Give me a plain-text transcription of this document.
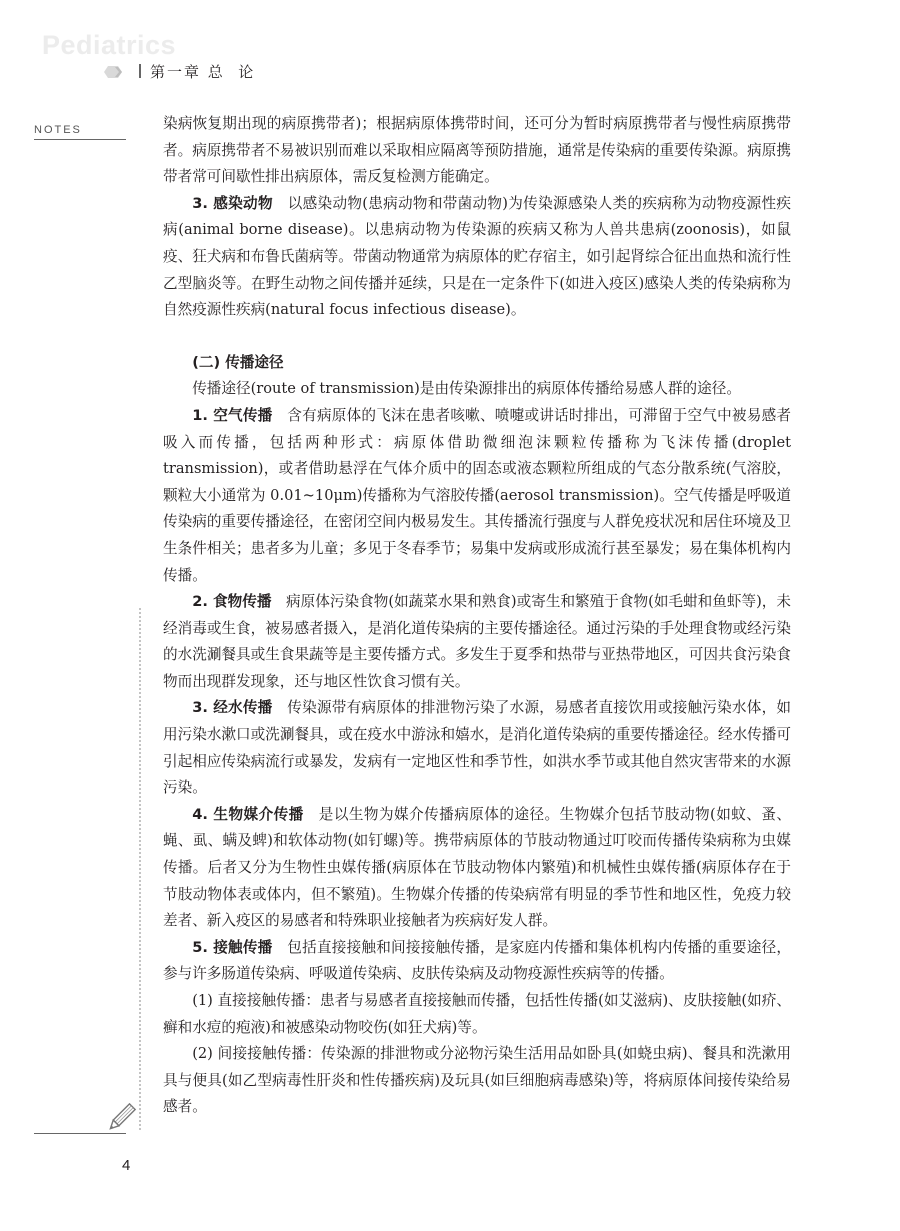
Pediatrics
第一章 总  论
NOTES
4

染病恢复期出现的病原携带者)；根据病原体携带时间，还可分为暂时病原携带者与慢性病原携带者。病原携带者不易被识别而难以采取相应隔离等预防措施，通常是传染病的重要传染源。病原携带者常可间歇性排出病原体，需反复检测方能确定。

3. 感染动物　以感染动物(患病动物和带菌动物)为传染源感染人类的疾病称为动物疫源性疾病(animal borne disease)。以患病动物为传染源的疾病又称为人兽共患病(zoonosis)，如鼠疫、狂犬病和布鲁氏菌病等。带菌动物通常为病原体的贮存宿主，如引起肾综合征出血热和流行性乙型脑炎等。在野生动物之间传播并延续，只是在一定条件下(如进入疫区)感染人类的传染病称为自然疫源性疾病(natural focus infectious disease)。

(二) 传播途径

传播途径(route of transmission)是由传染源排出的病原体传播给易感人群的途径。

1. 空气传播　含有病原体的飞沫在患者咳嗽、喷嚏或讲话时排出，可滞留于空气中被易感者吸入而传播，包括两种形式：病原体借助微细泡沫颗粒传播称为飞沫传播(droplet transmission)，或者借助悬浮在气体介质中的固态或液态颗粒所组成的气态分散系统(气溶胶，颗粒大小通常为 0.01~10μm)传播称为气溶胶传播(aerosol transmission)。空气传播是呼吸道传染病的重要传播途径，在密闭空间内极易发生。其传播流行强度与人群免疫状况和居住环境及卫生条件相关；患者多为儿童；多见于冬春季节；易集中发病或形成流行甚至暴发；易在集体机构内传播。

2. 食物传播　病原体污染食物(如蔬菜水果和熟食)或寄生和繁殖于食物(如毛蚶和鱼虾等)，未经消毒或生食，被易感者摄入，是消化道传染病的主要传播途径。通过污染的手处理食物或经污染的水洗涮餐具或生食果蔬等是主要传播方式。多发生于夏季和热带与亚热带地区，可因共食污染食物而出现群发现象，还与地区性饮食习惯有关。

3. 经水传播　传染源带有病原体的排泄物污染了水源，易感者直接饮用或接触污染水体，如用污染水漱口或洗涮餐具，或在疫水中游泳和嬉水，是消化道传染病的重要传播途径。经水传播可引起相应传染病流行或暴发，发病有一定地区性和季节性，如洪水季节或其他自然灾害带来的水源污染。

4. 生物媒介传播　是以生物为媒介传播病原体的途径。生物媒介包括节肢动物(如蚊、蚤、蝇、虱、螨及蜱)和软体动物(如钉螺)等。携带病原体的节肢动物通过叮咬而传播传染病称为虫媒传播。后者又分为生物性虫媒传播(病原体在节肢动物体内繁殖)和机械性虫媒传播(病原体存在于节肢动物体表或体内，但不繁殖)。生物媒介传播的传染病常有明显的季节性和地区性，免疫力较差者、新入疫区的易感者和特殊职业接触者为疾病好发人群。

5. 接触传播　包括直接接触和间接接触传播，是家庭内传播和集体机构内传播的重要途径，参与许多肠道传染病、呼吸道传染病、皮肤传染病及动物疫源性疾病等的传播。

(1) 直接接触传播：患者与易感者直接接触而传播，包括性传播(如艾滋病)、皮肤接触(如疥、癣和水痘的疱液)和被感染动物咬伤(如狂犬病)等。

(2) 间接接触传播：传染源的排泄物或分泌物污染生活用品如卧具(如蛲虫病)、餐具和洗漱用具与便具(如乙型病毒性肝炎和性传播疾病)及玩具(如巨细胞病毒感染)等，将病原体间接传染给易感者。
